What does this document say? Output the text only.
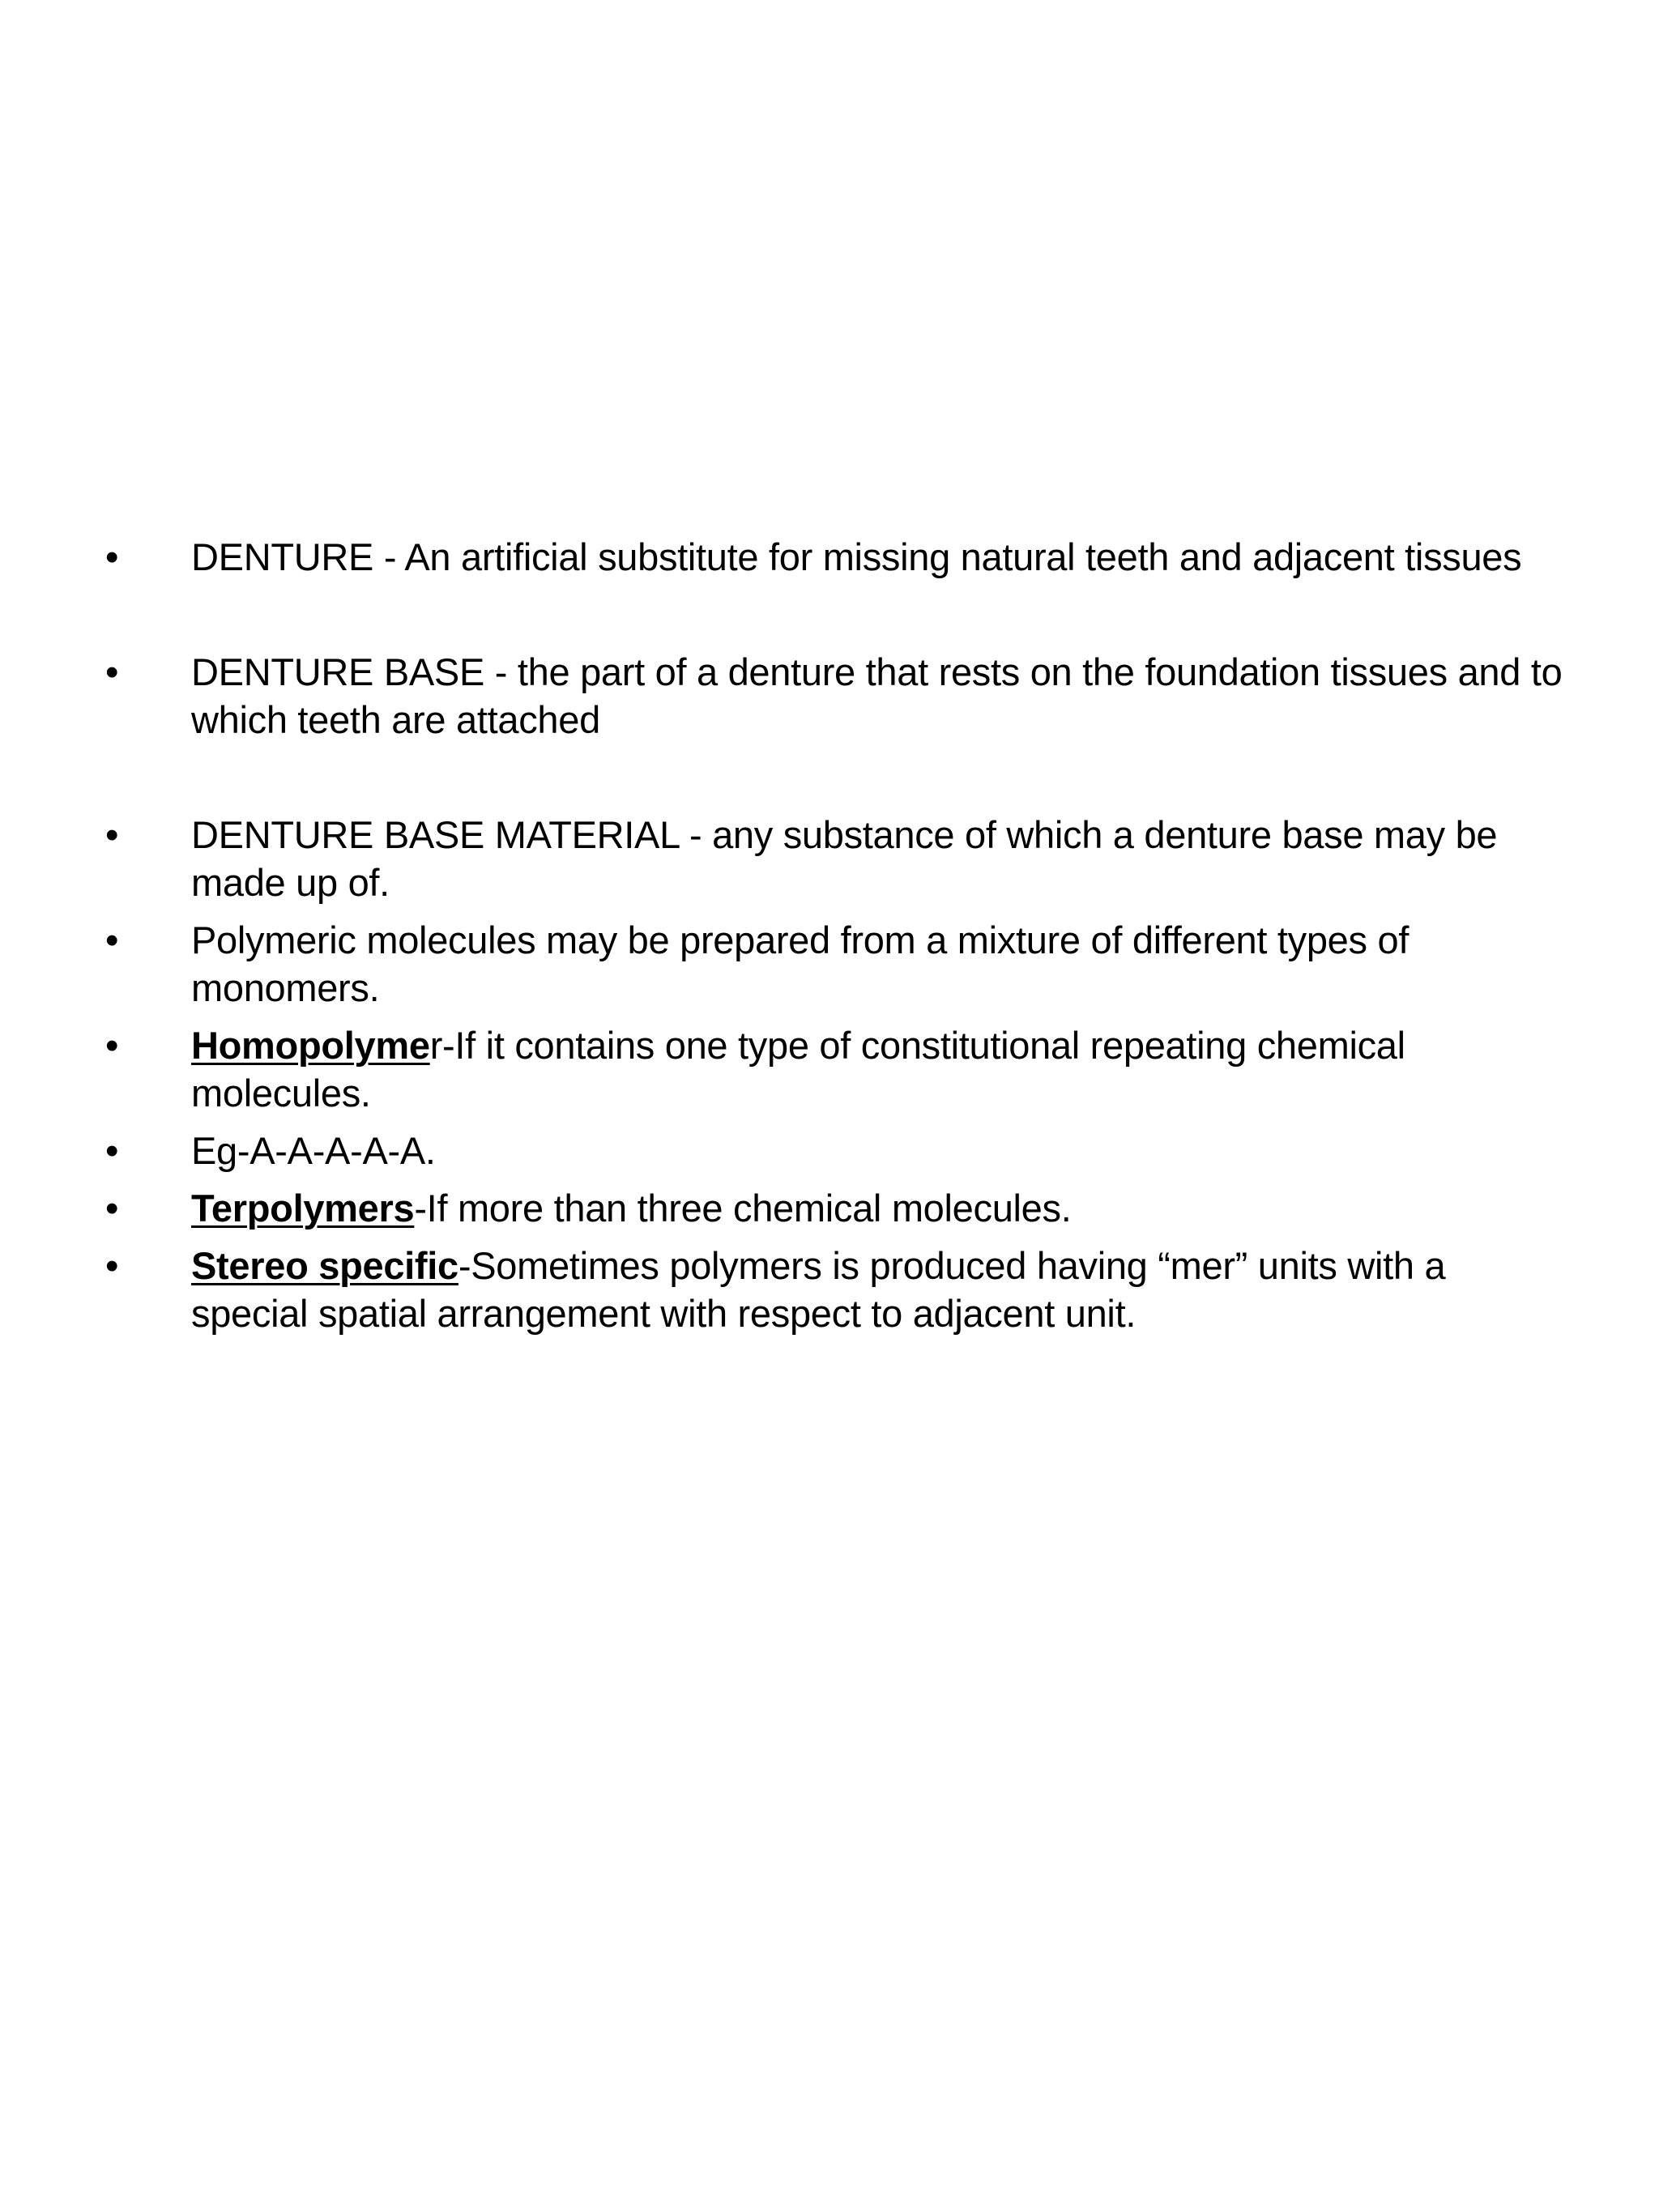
• DENTURE - An artificial substitute for missing natural teeth and adjacent tissues
• DENTURE BASE - the part of a denture that rests on the foundation tissues and to which teeth are attached
• DENTURE BASE MATERIAL - any substance of which a denture base may be made up of.
• Polymeric molecules may be prepared from a mixture of different types of monomers.
• Homopolymer-If it contains one type of constitutional repeating chemical molecules.
• Eg-A-A-A-A-A.
• Terpolymers-If more than three chemical molecules.
• Stereo specific-Sometimes polymers is produced having “mer” units with a special spatial arrangement with respect to adjacent unit.
